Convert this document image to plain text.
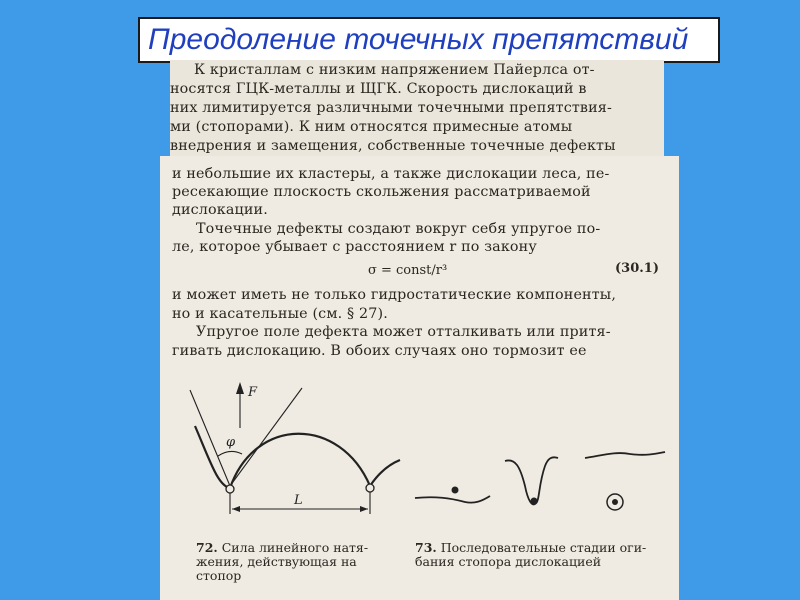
Преодоление точечных препятствий
К кристаллам с низким напряжением Пайерлса от-
носятся ГЦК-металлы и ЩГК. Скорость дислокаций в
них лимитируется различными точечными препятствия-
ми (стопорами). К ним относятся примесные атомы
внедрения и замещения, собственные точечные дефекты
и небольшие их кластеры, а также дислокации леса, пе-
ресекающие плоскость скольжения рассматриваемой
дислокации.
Точечные дефекты создают вокруг себя упругое по-
ле, которое убывает с расстоянием r по закону
σ = const/r³	(30.1)
и может иметь не только гидростатические компоненты,
но и касательные (см. § 27).
Упругое поле дефекта может отталкивать или притя-
гивать дислокацию. В обоих случаях оно тормозит ее
F
φ
L
72. Сила линейного натя-
жения, действующая на
стопор
73. Последовательные стадии оги-
бания стопора дислокацией
